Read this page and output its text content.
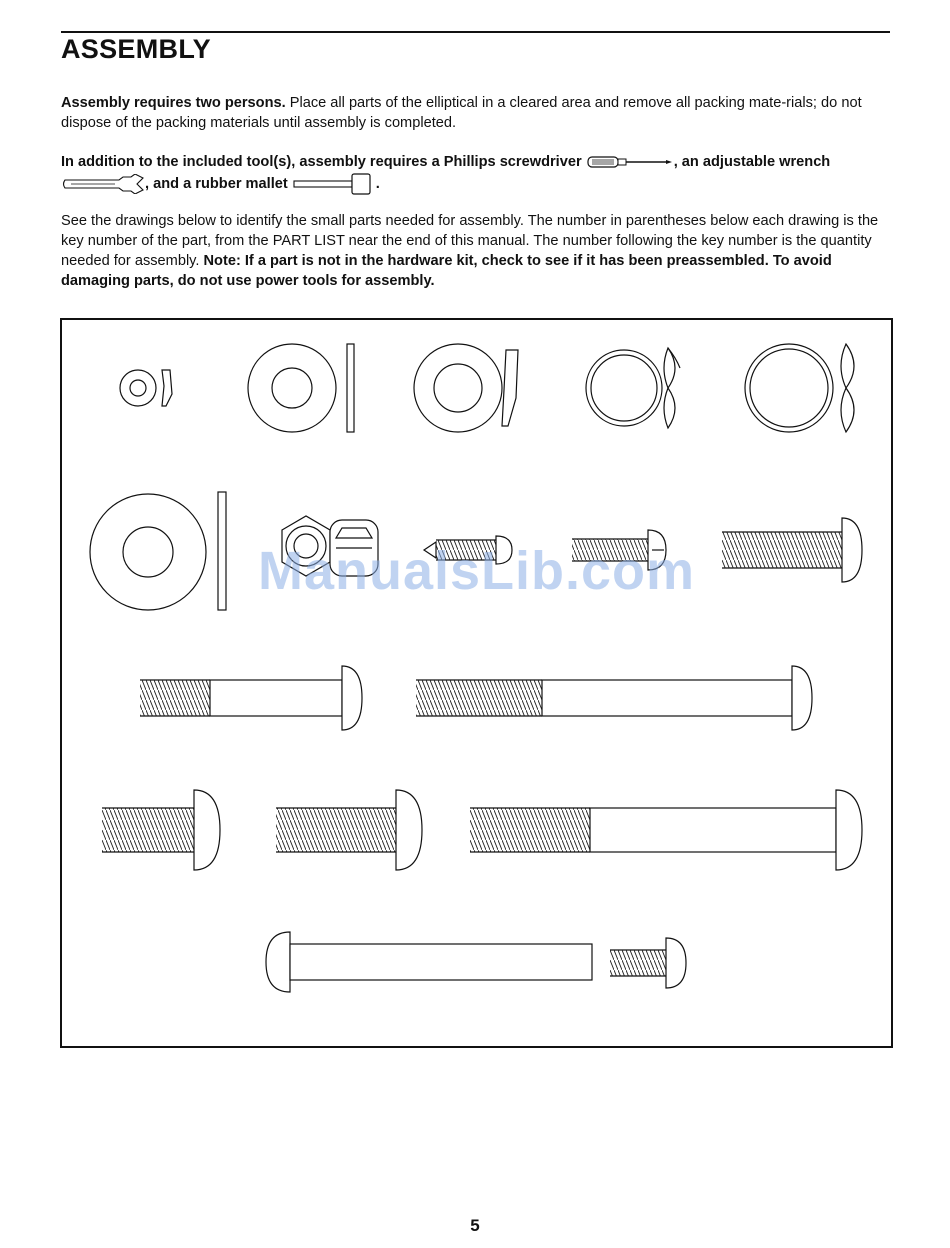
ASSEMBLY

Assembly requires two persons. Place all parts of the elliptical in a cleared area and remove all packing mate-rials; do not dispose of the packing materials until assembly is completed.

In addition to the included tool(s), assembly requires a Phillips screwdriver	, an adjustable wrench , and a rubber mallet	.

See the drawings below to identify the small parts needed for assembly. The number in parentheses below each drawing is the key number of the part, from the PART LIST near the end of this manual. The number following the key number is the quantity needed for assembly. Note: If a part is not in the hardware kit, check to see if it has been preassembled. To avoid damaging parts, do not use power tools for assembly.

ManualsLib.com
5
